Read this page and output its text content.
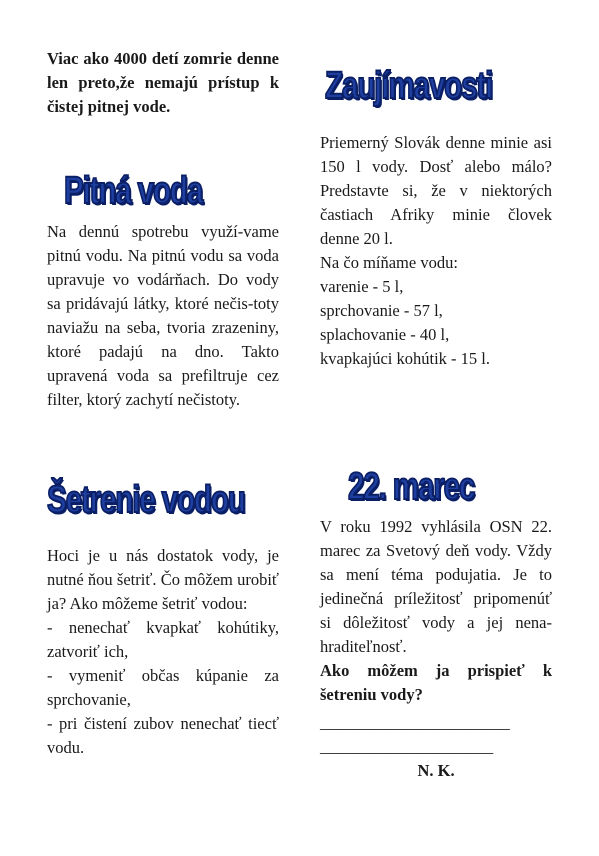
Viac ako 4000 detí zomrie denne len preto,že nemajú prístup k čistej pitnej vode.
Pitná voda
Na dennú spotrebu využí-vame pitnú vodu. Na pitnú vodu sa voda upravuje vo vodárňach. Do vody sa pridávajú látky, ktoré nečis-toty naviažu na seba, tvoria zrazeniny, ktoré padajú na dno. Takto upravená voda sa prefiltruje cez filter, ktorý zachytí nečistoty.
Šetrenie vodou

Hoci je u nás dostatok vody, je nutné ňou šetriť. Čo môžem urobiť ja? Ako môžeme šetriť vodou:

- nenechať kvapkať kohútiky, zatvoriť ich,

- vymeniť občas kúpanie za sprchovanie,

- pri čistení zubov nenechať tiecť vodu.

Zaujímavosti

Priemerný Slovák denne minie asi 150 l vody. Dosť alebo málo? Predstavte si, že v niektorých častiach Afriky minie človek denne 20 l.

Na čo míňame vodu:

varenie - 5 l,

sprchovanie - 57 l,

splachovanie - 40 l,

kvapkajúci kohútik - 15 l.

22. marec

V roku 1992 vyhlásila OSN 22. marec za Svetový deň vody. Vždy sa mení téma podujatia. Je to jedinečná príležitosť pripomenúť si dôležitosť vody a jej nena-hraditeľnosť.

Ako môžem ja prispieť k šetreniu vody?

_______________________

_____________________

N. K.
